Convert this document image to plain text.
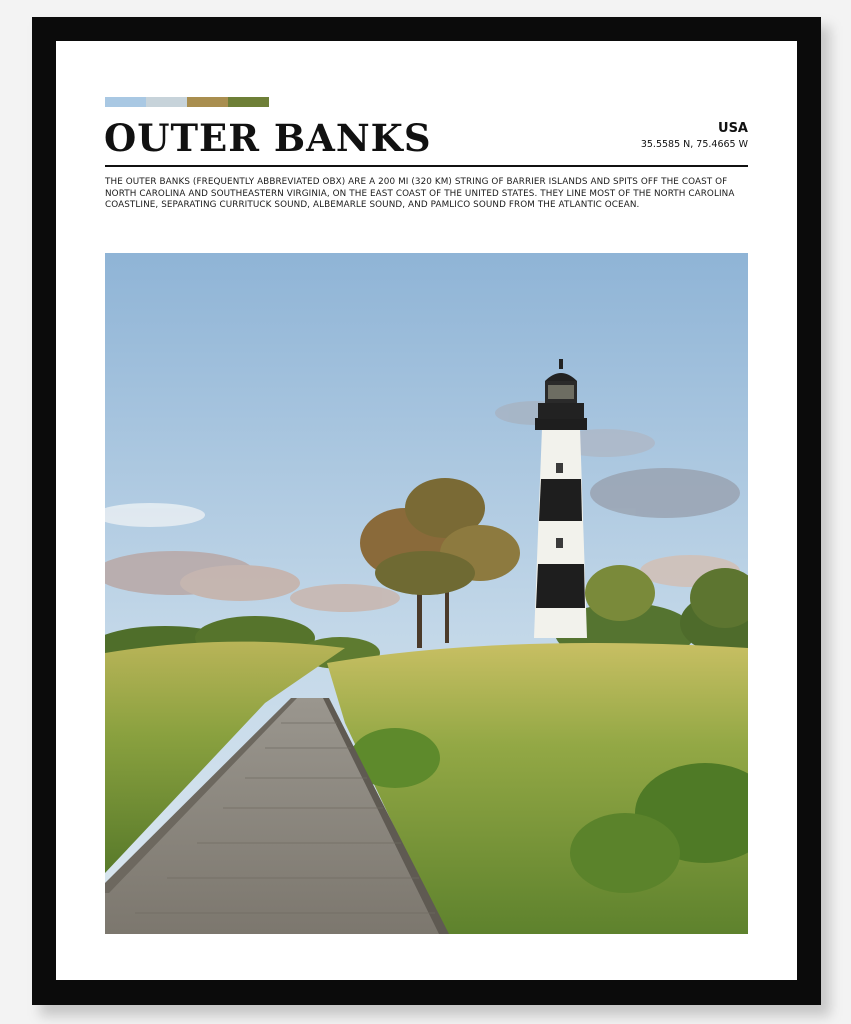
OUTER BANKS	USA
35.5585 N, 75.4665 W
THE OUTER BANKS (FREQUENTLY ABBREVIATED OBX) ARE A 200 MI (320 KM) STRING OF BARRIER ISLANDS AND SPITS OFF THE COAST OF NORTH CAROLINA AND SOUTHEASTERN VIRGINIA, ON THE EAST COAST OF THE UNITED STATES. THEY LINE MOST OF THE NORTH CAROLINA COASTLINE, SEPARATING CURRITUCK SOUND, ALBEMARLE SOUND, AND PAMLICO SOUND FROM THE ATLANTIC OCEAN.
